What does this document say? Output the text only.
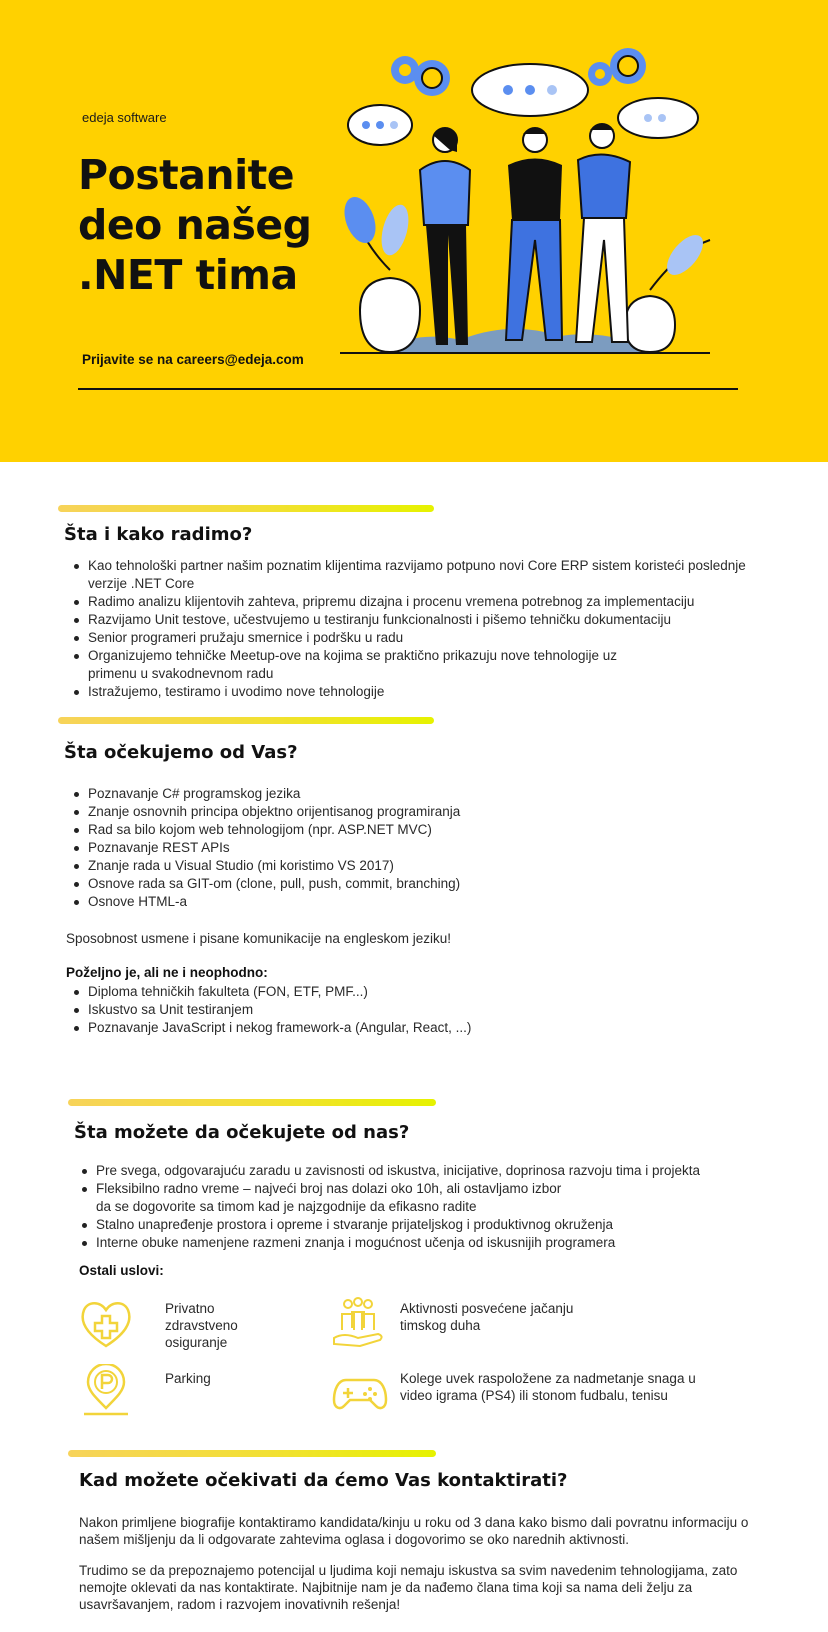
edeja software
Postanite
deo našeg
.NET tima
Prijavite se na careers@edeja.com
Šta i kako radimo?
Kao tehnološki partner našim poznatim klijentima razvijamo potpuno novi Core ERP sistem koristeći poslednje verzije .NET Core
Radimo analizu klijentovih zahteva, pripremu dizajna i procenu vremena potrebnog za implementaciju
Razvijamo Unit testove, učestvujemo u testiranju funkcionalnosti i pišemo tehničku dokumentaciju
Senior programeri pružaju smernice i podršku u radu
Organizujemo tehničke Meetup-ove na kojima se praktično prikazuju nove tehnologije uz primenu u svakodnevnom radu
Istražujemo, testiramo i uvodimo nove tehnologije
Šta očekujemo od Vas?
Poznavanje C# programskog jezika
Znanje osnovnih principa objektno orijentisanog programiranja
Rad sa bilo kojom web tehnologijom (npr. ASP.NET MVC)
Poznavanje REST APIs
Znanje rada u Visual Studio (mi koristimo VS 2017)
Osnove rada sa GIT-om (clone, pull, push, commit, branching)
Osnove HTML-a
Sposobnost usmene i pisane komunikacije na engleskom jeziku!
Poželjno je, ali ne i neophodno:
Diploma tehničkih fakulteta (FON, ETF, PMF...)
Iskustvo sa Unit testiranjem
Poznavanje JavaScript i nekog framework-a (Angular, React, ...)
Šta možete da očekujete od nas?
Pre svega, odgovarajuću zaradu u zavisnosti od iskustva, inicijative, doprinosa razvoju tima i projekta
Fleksibilno radno vreme – najveći broj nas dolazi oko 10h, ali ostavljamo izbor da se dogovorite sa timom kad je najzgodnije da efikasno radite
Stalno unapređenje prostora i opreme i stvaranje prijateljskog i produktivnog okruženja
Interne obuke namenjene razmeni znanja i mogućnost učenja od iskusnijih programera
Ostali uslovi:
Privatno zdravstveno osiguranje
Aktivnosti posvećene jačanju timskog duha
Parking	Kolege uvek raspoložene za nadmetanje snaga u video igrama (PS4) ili stonom fudbalu, tenisu
Kad možete očekivati da ćemo Vas kontaktirati?
Nakon primljene biografije kontaktiramo kandidata/kinju u roku od 3 dana kako bismo dali povratnu informaciju o našem mišljenju da li odgovarate zahtevima oglasa i dogovorimo se oko narednih aktivnosti.
Trudimo se da prepoznajemo potencijal u ljudima koji nemaju iskustva sa svim navedenim tehnologijama, zato nemojte oklevati da nas kontaktirate. Najbitnije nam je da nađemo člana tima koji sa nama deli želju za usavršavanjem, radom i razvojem inovativnih rešenja!
